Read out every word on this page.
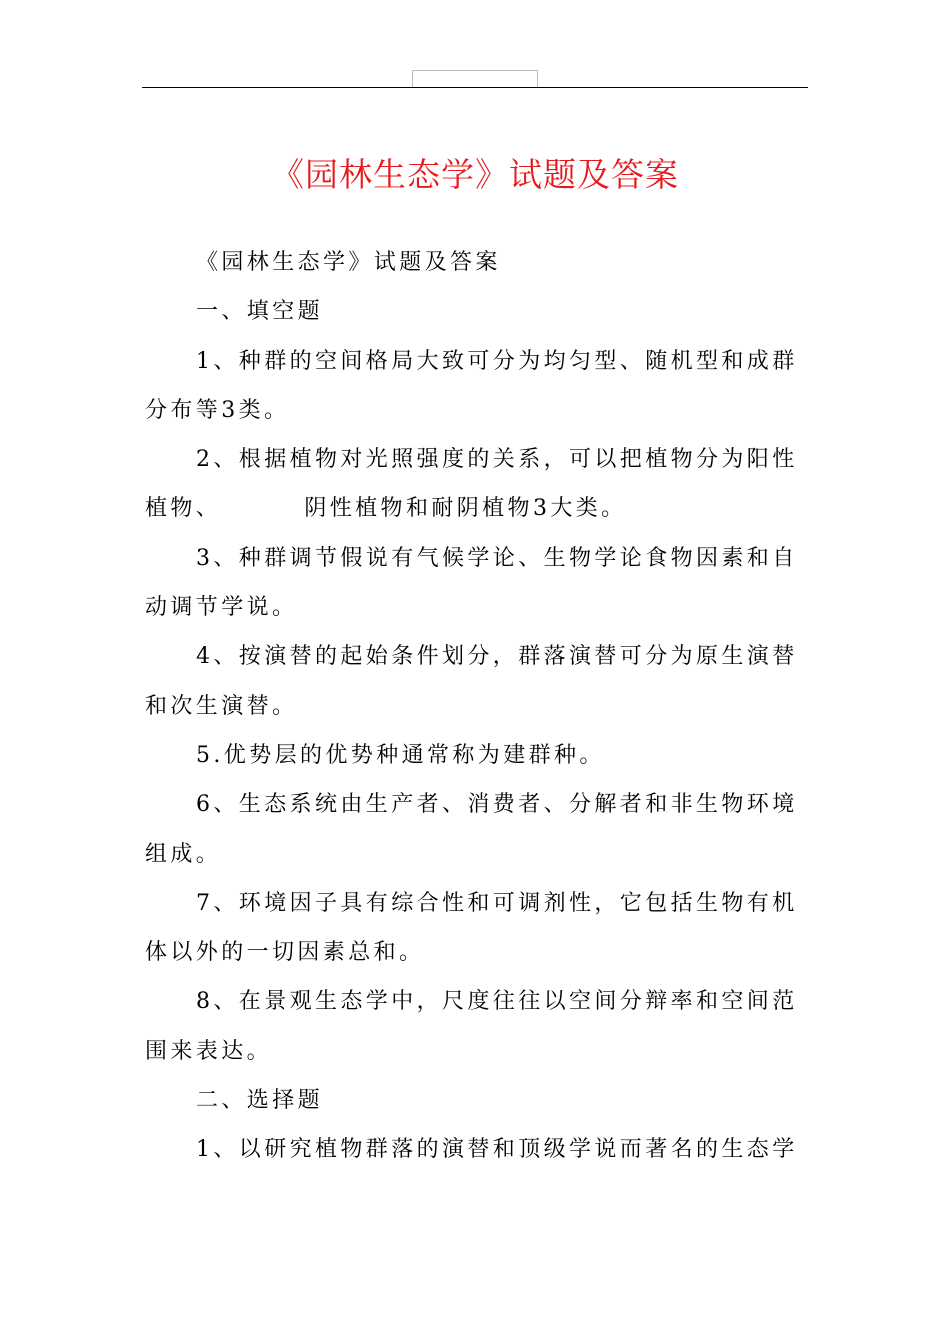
《园林生态学》试题及答案

《园林生态学》试题及答案

一、填空题

1、种群的空间格局大致可分为均匀型、随机型和成群分布等3类。

2、根据植物对光照强度的关系，可以把植物分为阳性植物、        阴性植物和耐阴植物3大类。

3、种群调节假说有气候学论、生物学论食物因素和自动调节学说。

4、按演替的起始条件划分，群落演替可分为原生演替和次生演替。

5.优势层的优势种通常称为建群种。

6、生态系统由生产者、消费者、分解者和非生物环境组成。

7、环境因子具有综合性和可调剂性，它包括生物有机体以外的一切因素总和。

8、在景观生态学中，尺度往往以空间分辩率和空间范围来表达。

二、选择题

1、以研究植物群落的演替和顶级学说而著名的生态学
